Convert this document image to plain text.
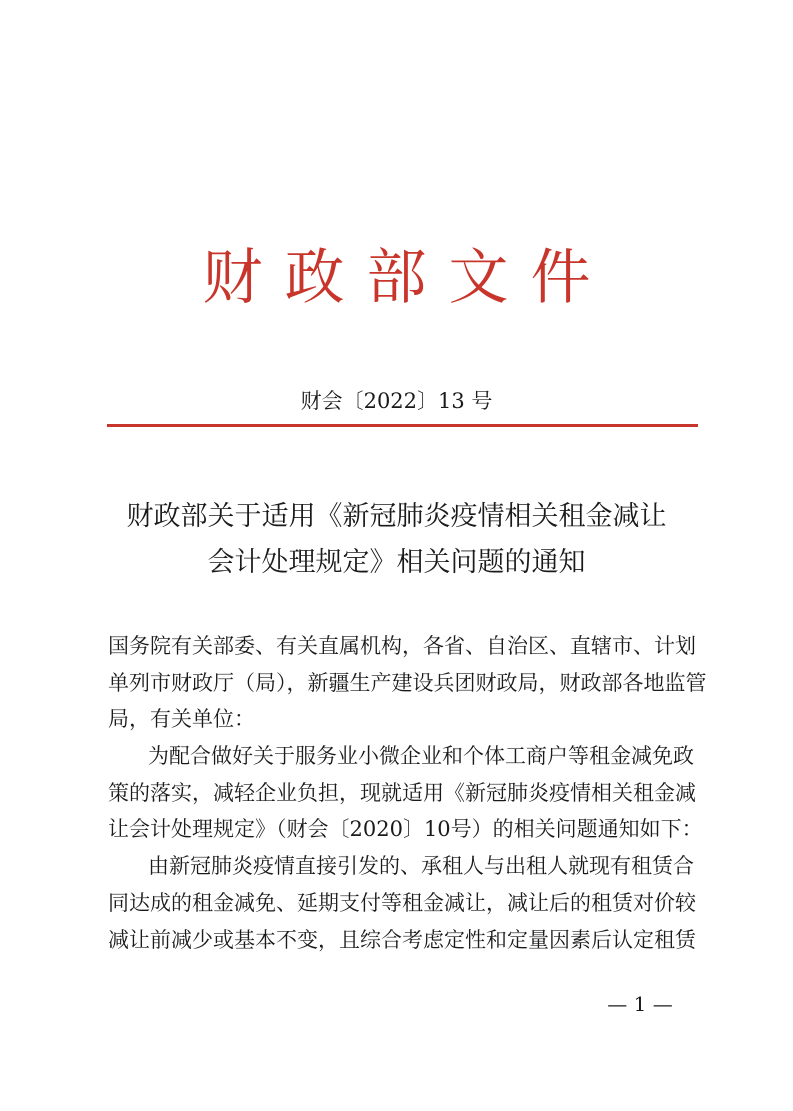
财政部文件
财会〔2022〕13 号
财政部关于适用《新冠肺炎疫情相关租金减让
会计处理规定》相关问题的通知
国务院有关部委、有关直属机构，各省、自治区、直辖市、计划
单列市财政厅（局），新疆生产建设兵团财政局，财政部各地监管
局，有关单位：
为配合做好关于服务业小微企业和个体工商户等租金减免政
策的落实，减轻企业负担，现就适用《新冠肺炎疫情相关租金减
让会计处理规定》（财会〔2020〕10号）的相关问题通知如下：
由新冠肺炎疫情直接引发的、承租人与出租人就现有租赁合
同达成的租金减免、延期支付等租金减让，减让后的租赁对价较
减让前减少或基本不变，且综合考虑定性和定量因素后认定租赁
— 1 —
